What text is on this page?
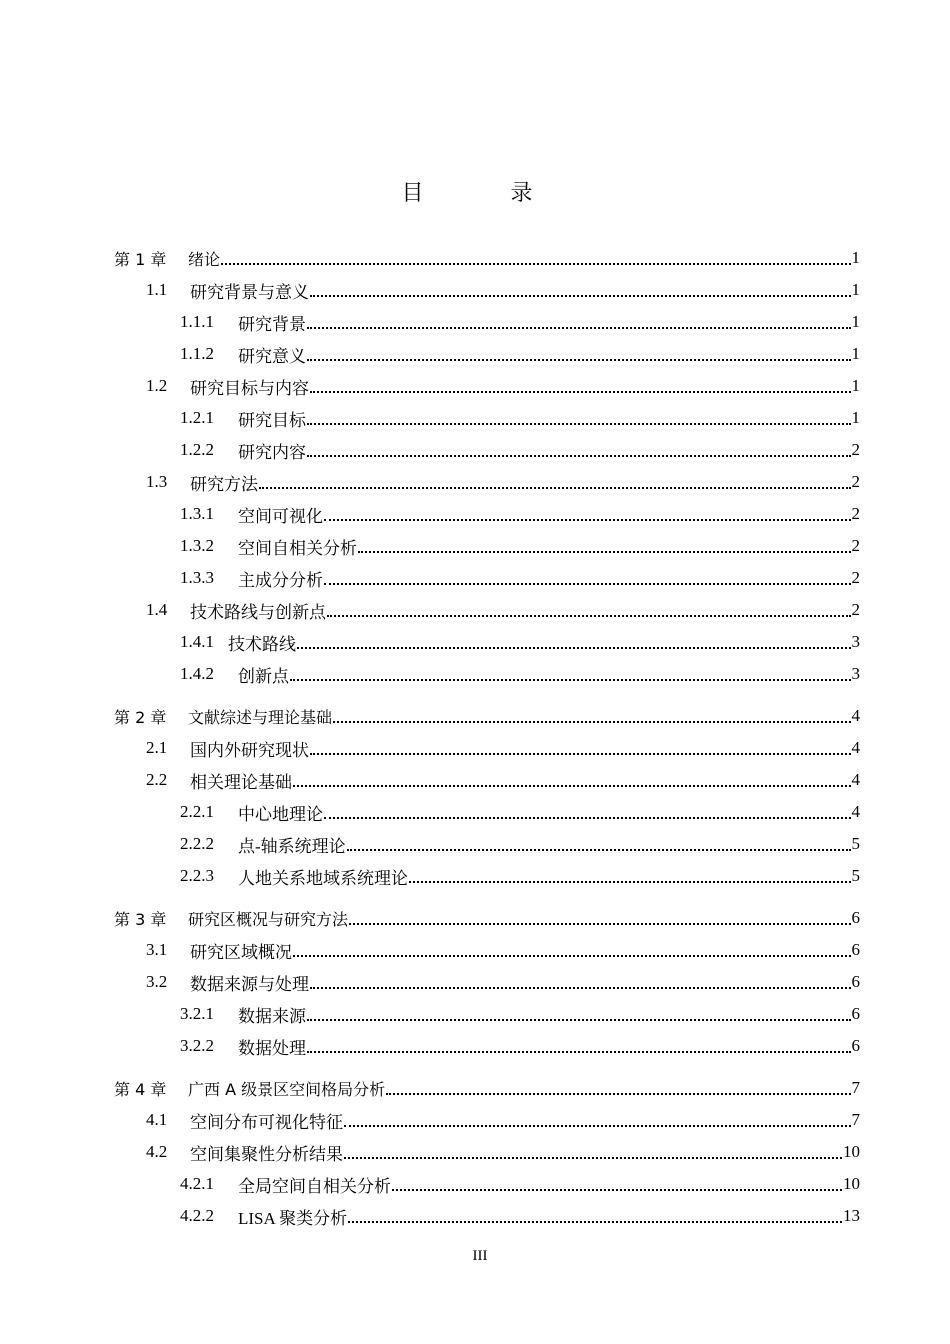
目 录
第 1 章	绪论	1
1.1	研究背景与意义	1
1.1.1	研究背景	1
1.1.2	研究意义	1
1.2	研究目标与内容	1
1.2.1	研究目标	1
1.2.2	研究内容	2
1.3	研究方法	2
1.3.1	空间可视化	2
1.3.2	空间自相关分析	2
1.3.3	主成分分析	2
1.4	技术路线与创新点	2
1.4.1 技术路线	3
1.4.2	创新点	3
第 2 章	文献综述与理论基础	4
2.1	国内外研究现状	4
2.2	相关理论基础	4
2.2.1	中心地理论	4
2.2.2	点-轴系统理论	5
2.2.3	人地关系地域系统理论	5
第 3 章	研究区概况与研究方法	6
3.1	研究区域概况	6
3.2	数据来源与处理	6
3.2.1	数据来源	6
3.2.2	数据处理	6
第 4 章	广西 A 级景区空间格局分析	7
4.1	空间分布可视化特征	7
4.2	空间集聚性分析结果	10
4.2.1	全局空间自相关分析	10
4.2.2	LISA 聚类分析	13
III
